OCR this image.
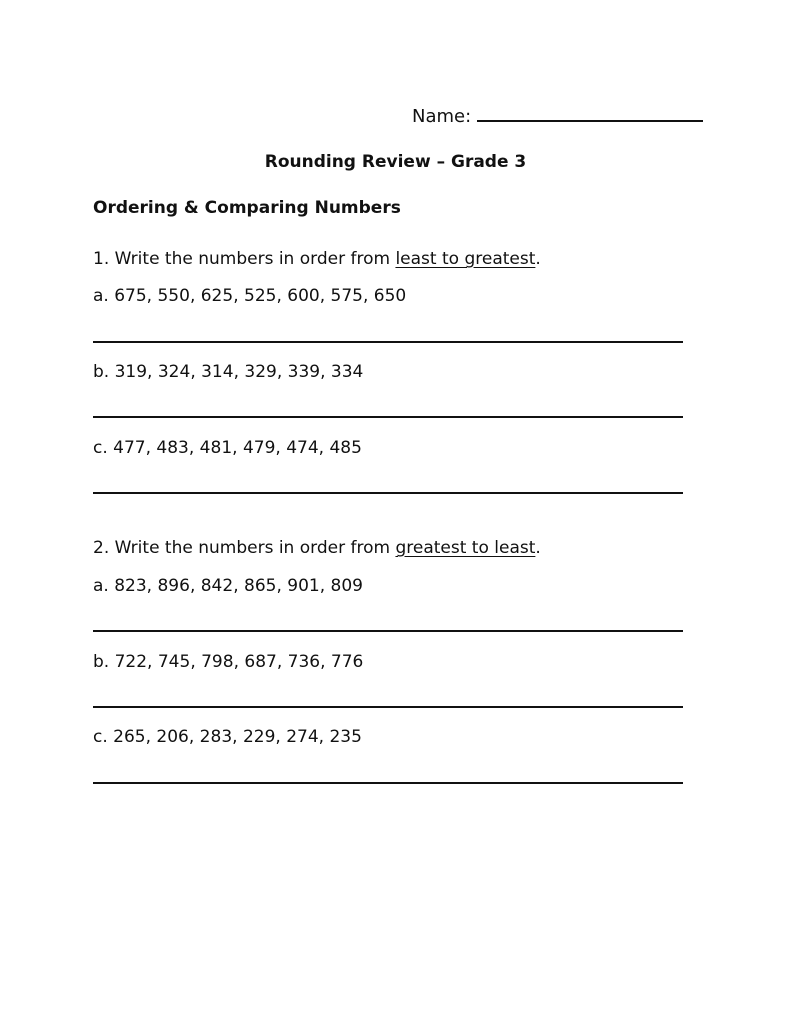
Name:
Rounding Review – Grade 3
Ordering & Comparing Numbers
1. Write the numbers in order from least to greatest.
a. 675, 550, 625, 525, 600, 575, 650
b. 319, 324, 314, 329, 339, 334
c. 477, 483, 481, 479, 474, 485
2. Write the numbers in order from greatest to least.
a. 823, 896, 842, 865, 901, 809
b. 722, 745, 798, 687, 736, 776
c. 265, 206, 283, 229, 274, 235
